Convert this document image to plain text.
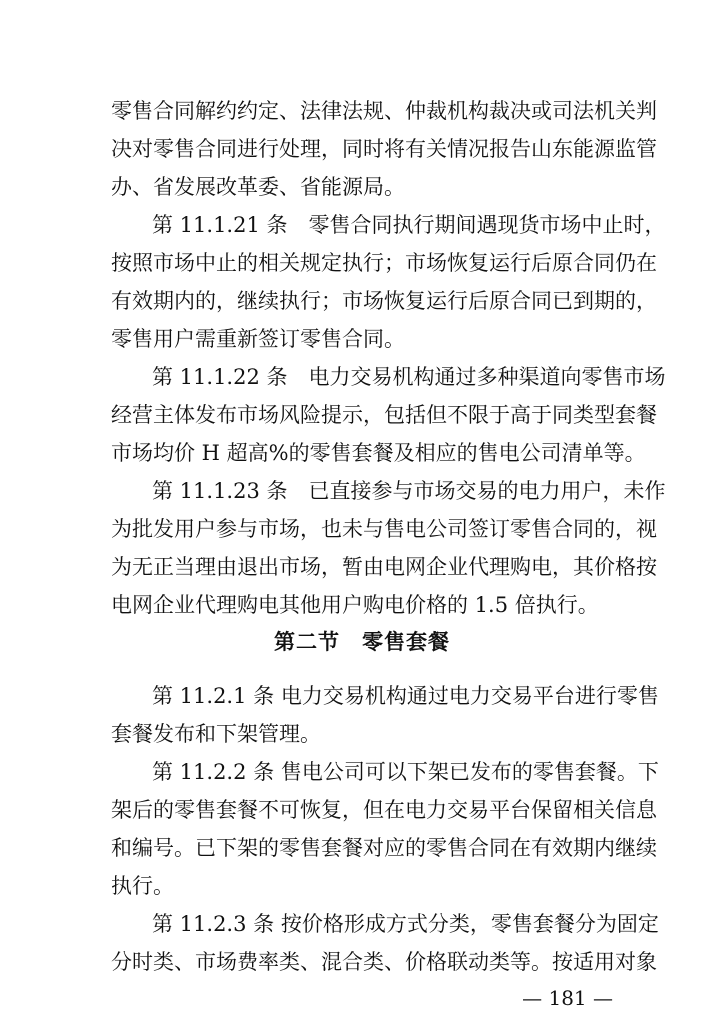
零售合同解约约定、法律法规、仲裁机构裁决或司法机关判
决对零售合同进行处理，同时将有关情况报告山东能源监管
办、省发展改革委、省能源局。
第 11.1.21 条　零售合同执行期间遇现货市场中止时，
按照市场中止的相关规定执行；市场恢复运行后原合同仍在
有效期内的，继续执行；市场恢复运行后原合同已到期的，
零售用户需重新签订零售合同。
第 11.1.22 条　电力交易机构通过多种渠道向零售市场
经营主体发布市场风险提示，包括但不限于高于同类型套餐
市场均价 H 超高%的零售套餐及相应的售电公司清单等。
第 11.1.23 条　已直接参与市场交易的电力用户，未作
为批发用户参与市场，也未与售电公司签订零售合同的，视
为无正当理由退出市场，暂由电网企业代理购电，其价格按
电网企业代理购电其他用户购电价格的 1.5 倍执行。
第二节　零售套餐
第 11.2.1 条 电力交易机构通过电力交易平台进行零售
套餐发布和下架管理。
第 11.2.2 条 售电公司可以下架已发布的零售套餐。下
架后的零售套餐不可恢复，但在电力交易平台保留相关信息
和编号。已下架的零售套餐对应的零售合同在有效期内继续
执行。
第 11.2.3 条 按价格形成方式分类，零售套餐分为固定
分时类、市场费率类、混合类、价格联动类等。按适用对象
— 181 —
